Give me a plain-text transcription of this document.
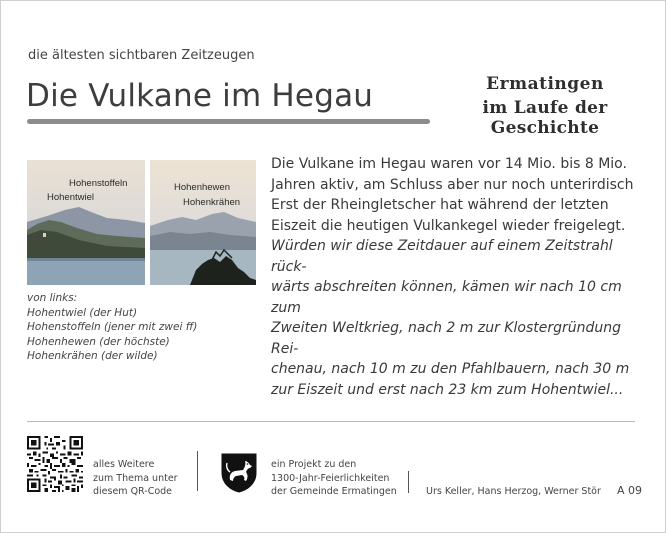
die ältesten sichtbaren Zeitzeugen
Die Vulkane im Hegau	Ermatingen
im Laufe der Geschichte
Hohenstoffeln
Hohentwiel
Hohenhewen
Hohenkrähen
von links:
Hohentwiel (der Hut)
Hohenstoffeln (jener mit zwei ff)
Hohenhewen (der höchste)
Hohenkrähen (der wilde)
Die Vulkane im Hegau waren vor 14 Mio. bis 8 Mio.
Jahren aktiv, am Schluss aber nur noch unterirdisch
Erst der Rheingletscher hat während der letzten
Eiszeit die heutigen Vulkankegel wieder freigelegt.
Würden wir diese Zeitdauer auf einem Zeitstrahl rück-
wärts abschreiten können, kämen wir nach 10 cm zum
Zweiten Weltkrieg, nach 2 m zur Klostergründung Rei-
chenau, nach 10 m zu den Pfahlbauern, nach 30 m
zur Eiszeit und erst nach 23 km zum Hohentwiel...
alles Weitere
zum Thema unter
diesem QR-Code
ein Projekt zu den
1300-Jahr-Feierlichkeiten
der Gemeinde Ermatingen	Urs Keller, Hans Herzog, Werner Stör A 09
